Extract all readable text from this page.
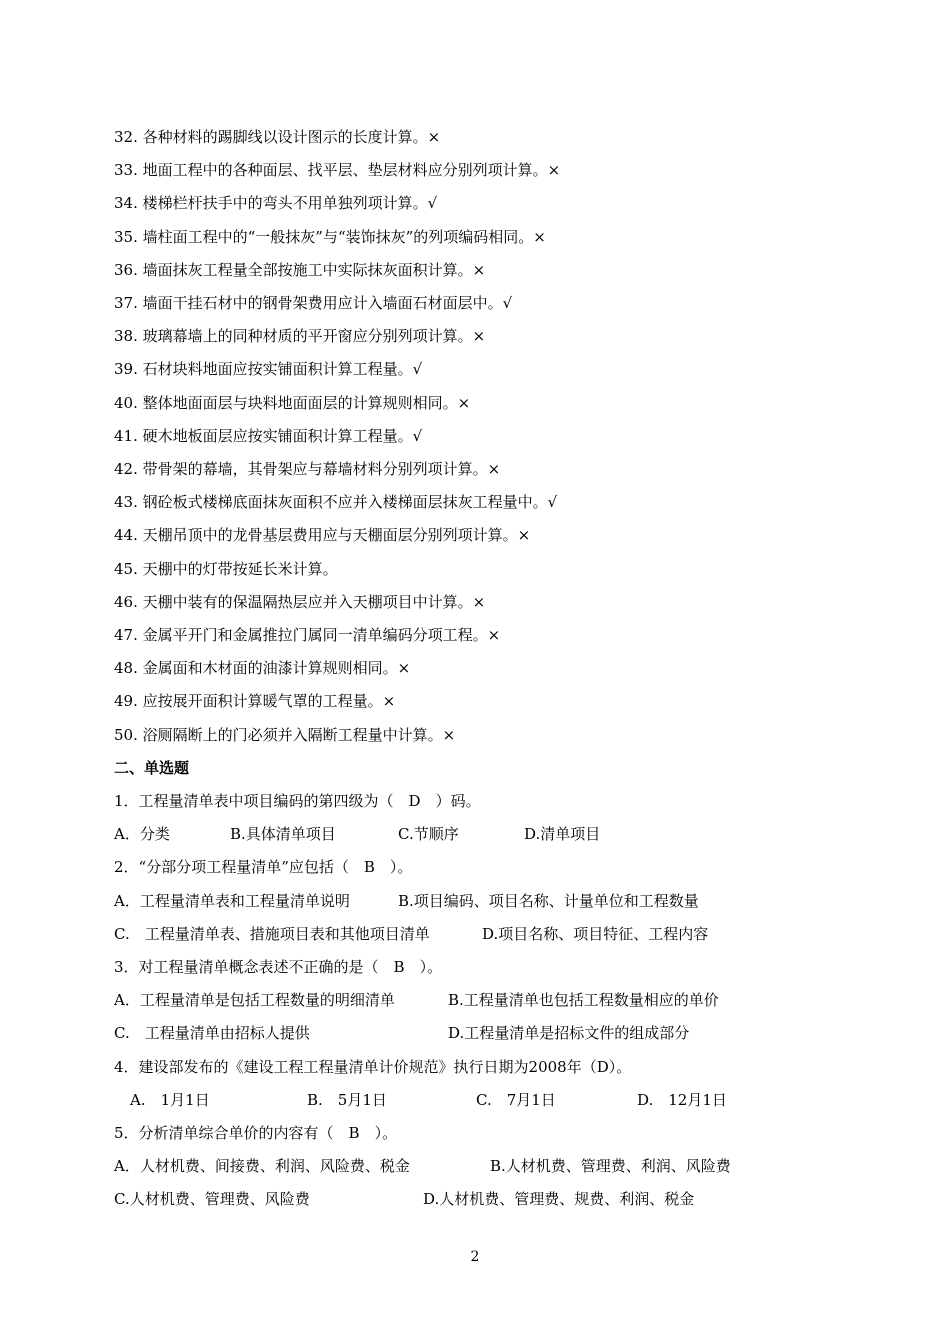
32. 各种材料的踢脚线以设计图示的长度计算。×
33. 地面工程中的各种面层、找平层、垫层材料应分别列项计算。×
34. 楼梯栏杆扶手中的弯头不用单独列项计算。√
35. 墙柱面工程中的“一般抹灰”与“装饰抹灰”的列项编码相同。×
36. 墙面抹灰工程量全部按施工中实际抹灰面积计算。×
37. 墙面干挂石材中的钢骨架费用应计入墙面石材面层中。√
38. 玻璃幕墙上的同种材质的平开窗应分别列项计算。×
39. 石材块料地面应按实铺面积计算工程量。√
40. 整体地面面层与块料地面面层的计算规则相同。×
41. 硬木地板面层应按实铺面积计算工程量。√
42. 带骨架的幕墙，其骨架应与幕墙材料分别列项计算。×
43. 钢砼板式楼梯底面抹灰面积不应并入楼梯面层抹灰工程量中。√
44. 天棚吊顶中的龙骨基层费用应与天棚面层分别列项计算。×
45. 天棚中的灯带按延长米计算。
46. 天棚中装有的保温隔热层应并入天棚项目中计算。×
47. 金属平开门和金属推拉门属同一清单编码分项工程。×
48. 金属面和木材面的油漆计算规则相同。×
49. 应按展开面积计算暖气罩的工程量。×
50. 浴厕隔断上的门必须并入隔断工程量中计算。×
二、单选题
1．工程量清单表中项目编码的第四级为（　D　）码。
A．分类	B.具体清单项目	C.节顺序	D.清单项目
2．“分部分项工程量清单”应包括（　B　）。
A．工程量清单表和工程量清单说明	B.项目编码、项目名称、计量单位和工程数量
C.　工程量清单表、措施项目表和其他项目清单	D.项目名称、项目特征、工程内容
3．对工程量清单概念表述不正确的是（　B　）。
A．工程量清单是包括工程数量的明细清单	B.工程量清单也包括工程数量相应的单价
C.　工程量清单由招标人提供	D.工程量清单是招标文件的组成部分
4．建设部发布的《建设工程工程量清单计价规范》执行日期为2008年（D）。
A.　1月1日	B.　5月1日	C.　7月1日	D.　12月1日
5．分析清单综合单价的内容有（　B　）。
A．人材机费、间接费、利润、风险费、税金	B.人材机费、管理费、利润、风险费
C.人材机费、管理费、风险费	D.人材机费、管理费、规费、利润、税金
2
